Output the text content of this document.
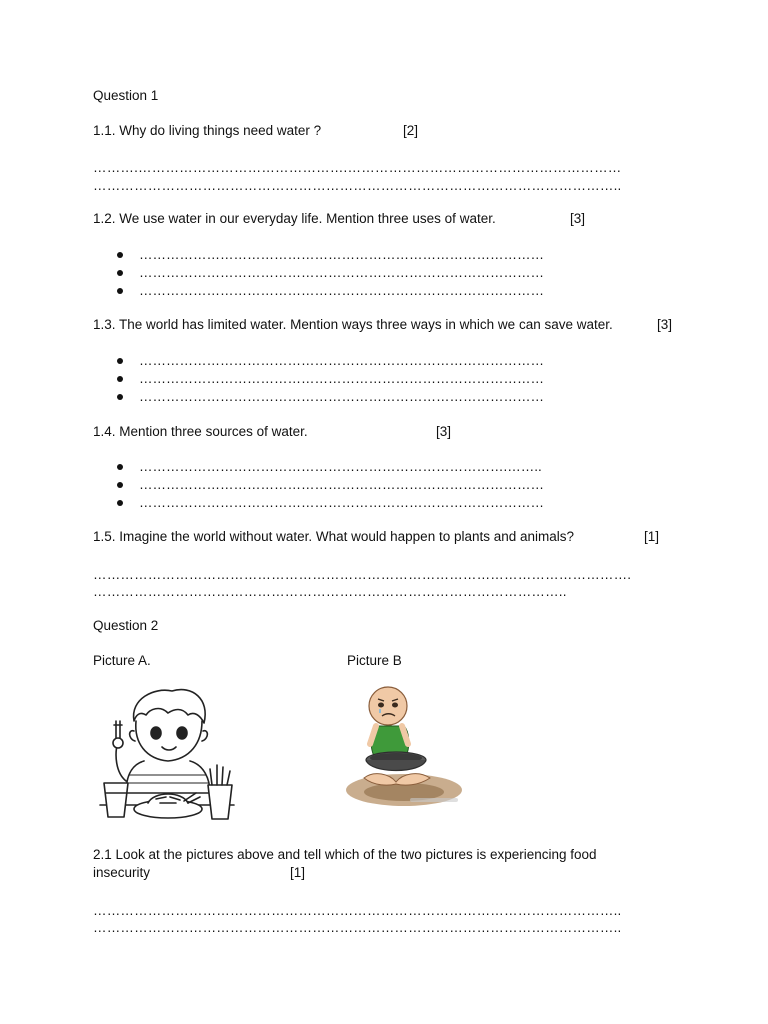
Question 1
1.1. Why do living things need water ?	[2]
……….……………………………………….……………………………………………………
……………………………………………………………………………………………………..
1.2. We use water in our everyday life. Mention three uses of water.	[3]
………………………………………………………………………………
………………………………………………………………………………
………………………………………………………………………………
1.3. The world has limited water. Mention ways three ways in which we can save water.	[3]
………………………………………………………………………………
………………………………………………………………………………
………………………………………………………………………………
1.4. Mention three sources of water.	[3]
……………………………………………………………………….……..
………………………………………………………………………………
………………………………………………………………………………
1.5. Imagine the world without water. What would happen to plants and animals?	[1]
……………………………………………………………………………………………………….
…………………………………………………………………………………………..
Question 2
Picture A.	Picture B
2.1 Look at the pictures above and tell which of the two pictures is experiencing food
insecurity	[1]
……………………………………………………………………………………………………..
……………………………………………………………………………………………………..
